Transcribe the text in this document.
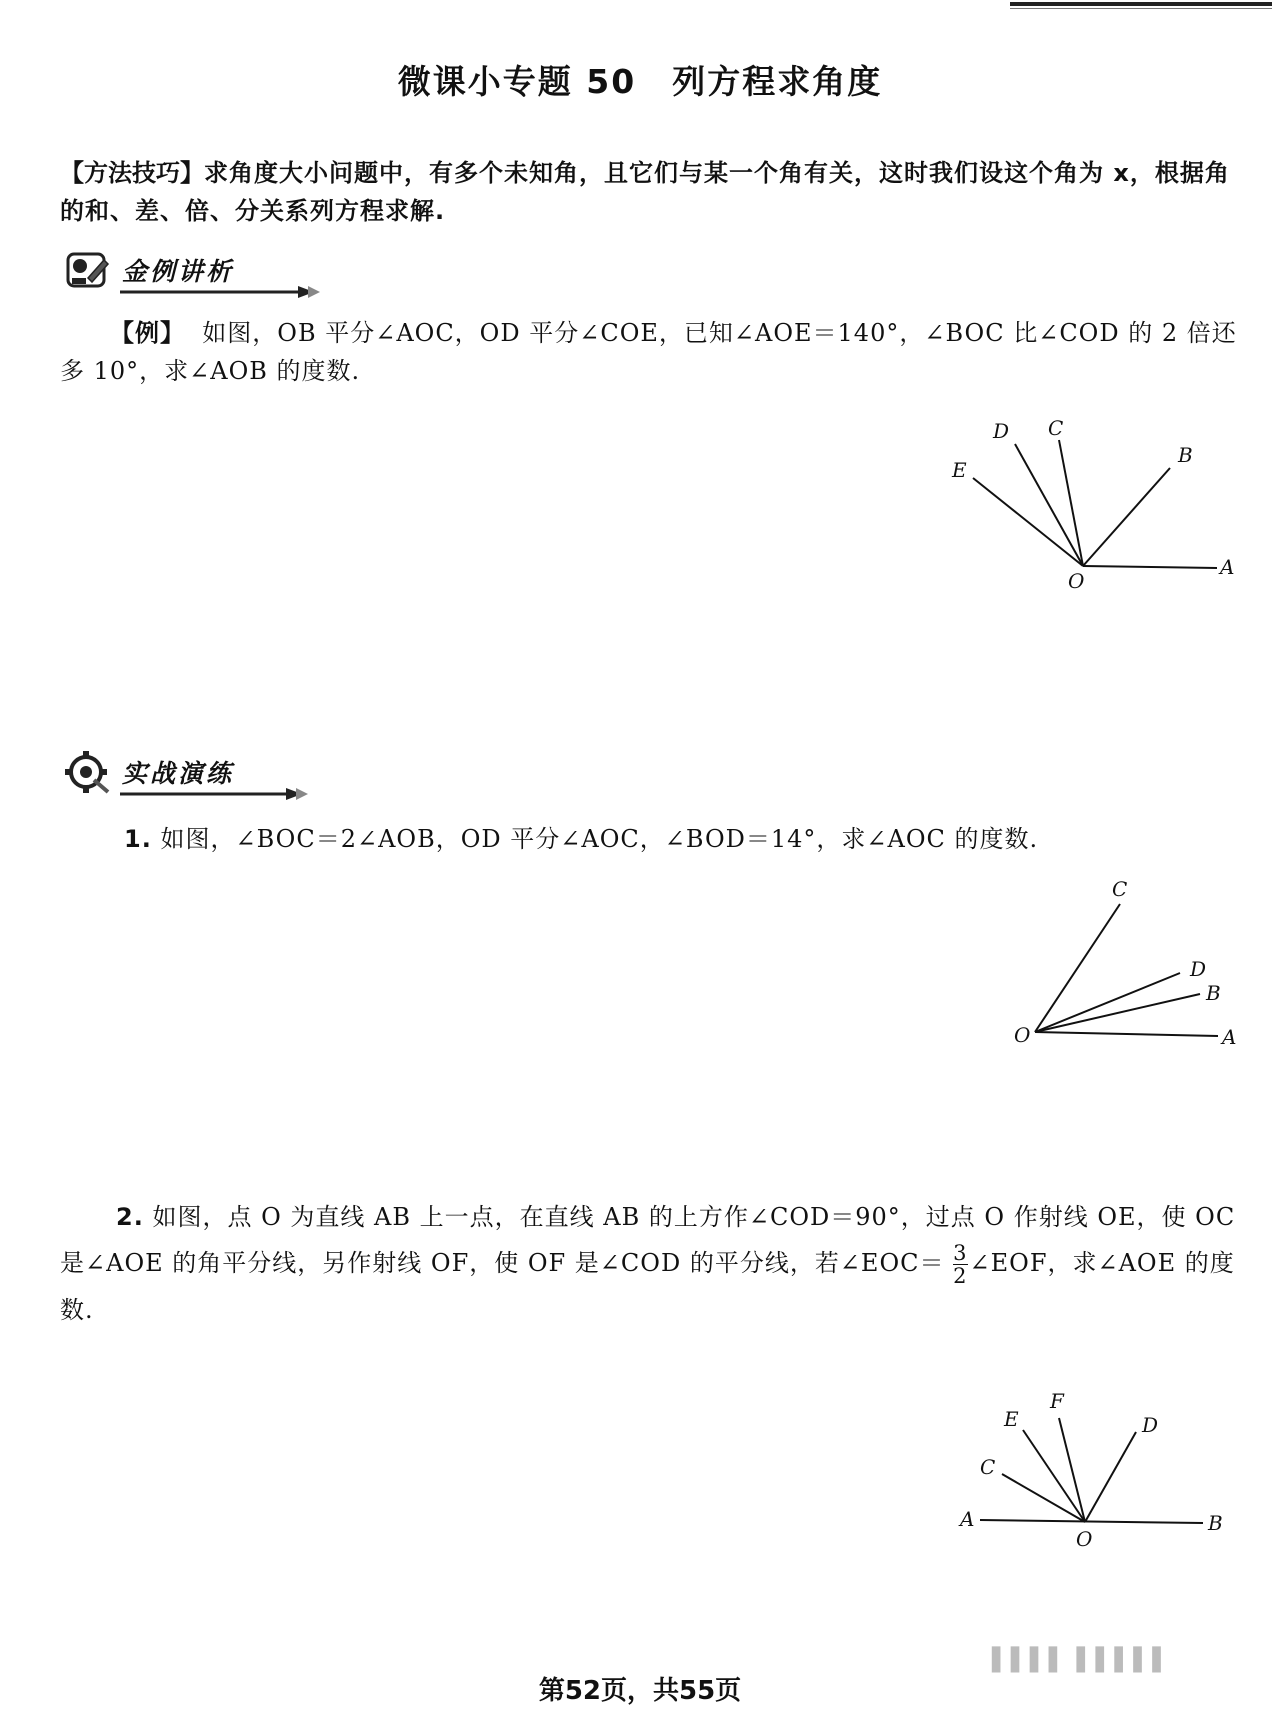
微课小专题 50 列方程求角度
【方法技巧】求角度大小问题中，有多个未知角，且它们与某一个角有关，这时我们设这个角为 x，根据角的和、差、倍、分关系列方程求解.
金例讲析
【例】 如图，OB 平分∠AOC，OD 平分∠COE，已知∠AOE＝140°，∠BOC 比∠COD 的 2 倍还多 10°，求∠AOB 的度数.
D C
B
E
O
A
实战演练
1. 如图，∠BOC＝2∠AOB，OD 平分∠AOC，∠BOD＝14°，求∠AOC 的度数.
C
D
B
O	A
2. 如图，点 O 为直线 AB 上一点，在直线 AB 的上方作∠COD＝90°，过点 O 作射线 OE，使 OC 是∠AOE 的角平分线，另作射线 OF，使 OF 是∠COD 的平分线，若∠EOC＝ $\frac{3}{2}$ ∠EOF，求∠AOE 的度数.
F
E	D
C
A
O
B
▌▌▌▌ ▌▌▌▌▌
第52页，共55页
